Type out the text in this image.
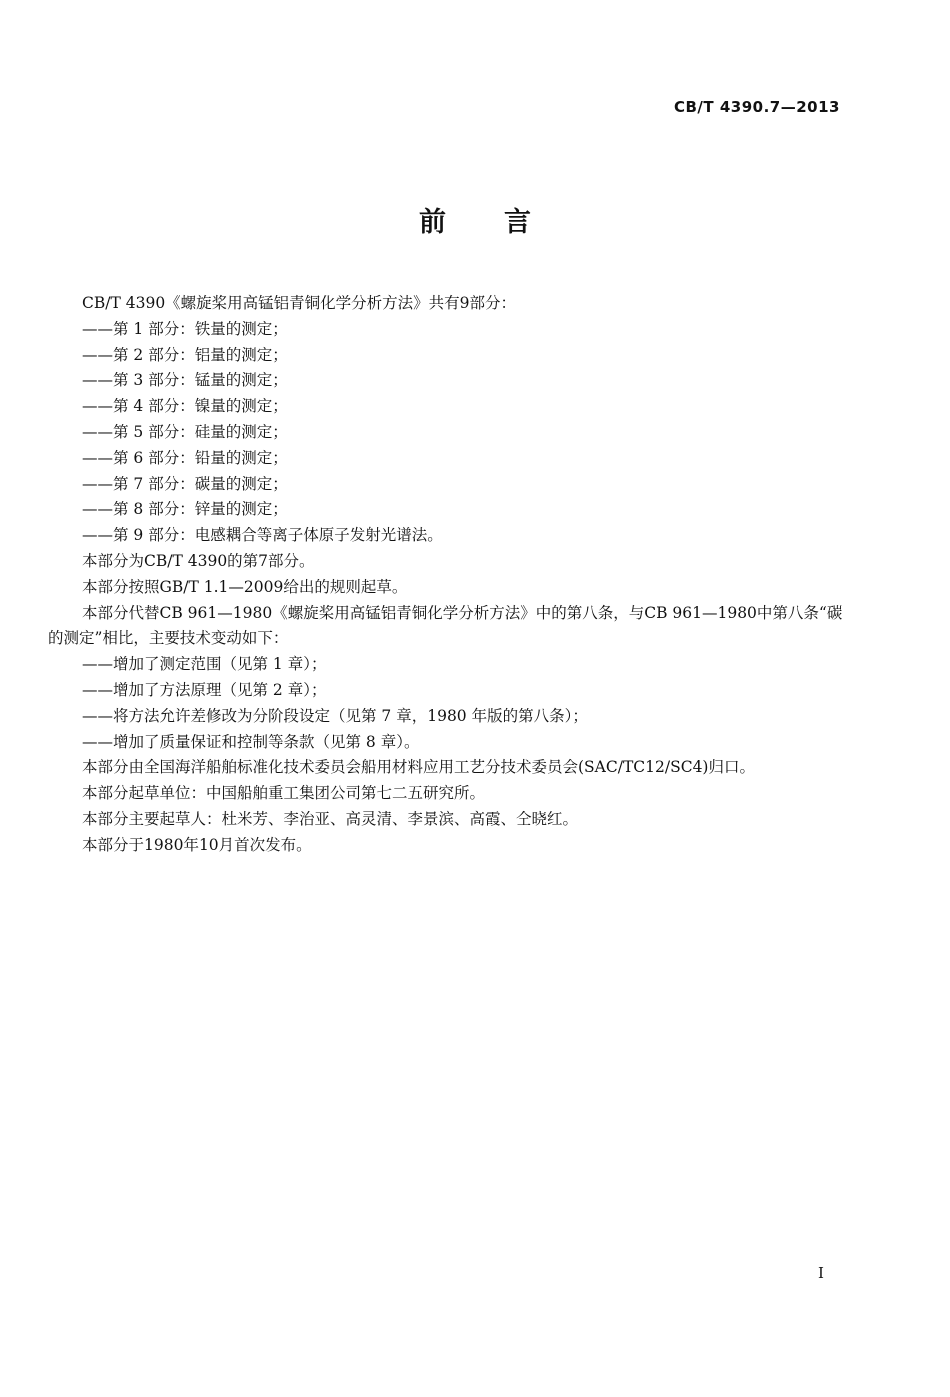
CB/T 4390.7—2013
前言

CB/T 4390《螺旋桨用高锰铝青铜化学分析方法》共有9部分：

——第 1 部分：铁量的测定；

——第 2 部分：铝量的测定；

——第 3 部分：锰量的测定；

——第 4 部分：镍量的测定；

——第 5 部分：硅量的测定；

——第 6 部分：铅量的测定；

——第 7 部分：碳量的测定；

——第 8 部分：锌量的测定；

——第 9 部分：电感耦合等离子体原子发射光谱法。

本部分为CB/T 4390的第7部分。

本部分按照GB/T 1.1—2009给出的规则起草。

本部分代替CB 961—1980《螺旋桨用高锰铝青铜化学分析方法》中的第八条，与CB 961—1980中第八条“碳的测定”相比，主要技术变动如下：

——增加了测定范围（见第 1 章）；

——增加了方法原理（见第 2 章）；

——将方法允许差修改为分阶段设定（见第 7 章，1980 年版的第八条）；

——增加了质量保证和控制等条款（见第 8 章）。

本部分由全国海洋船舶标准化技术委员会船用材料应用工艺分技术委员会(SAC/TC12/SC4)归口。

本部分起草单位：中国船舶重工集团公司第七二五研究所。

本部分主要起草人：杜米芳、李治亚、高灵清、李景滨、高霞、仝晓红。

本部分于1980年10月首次发布。

I
